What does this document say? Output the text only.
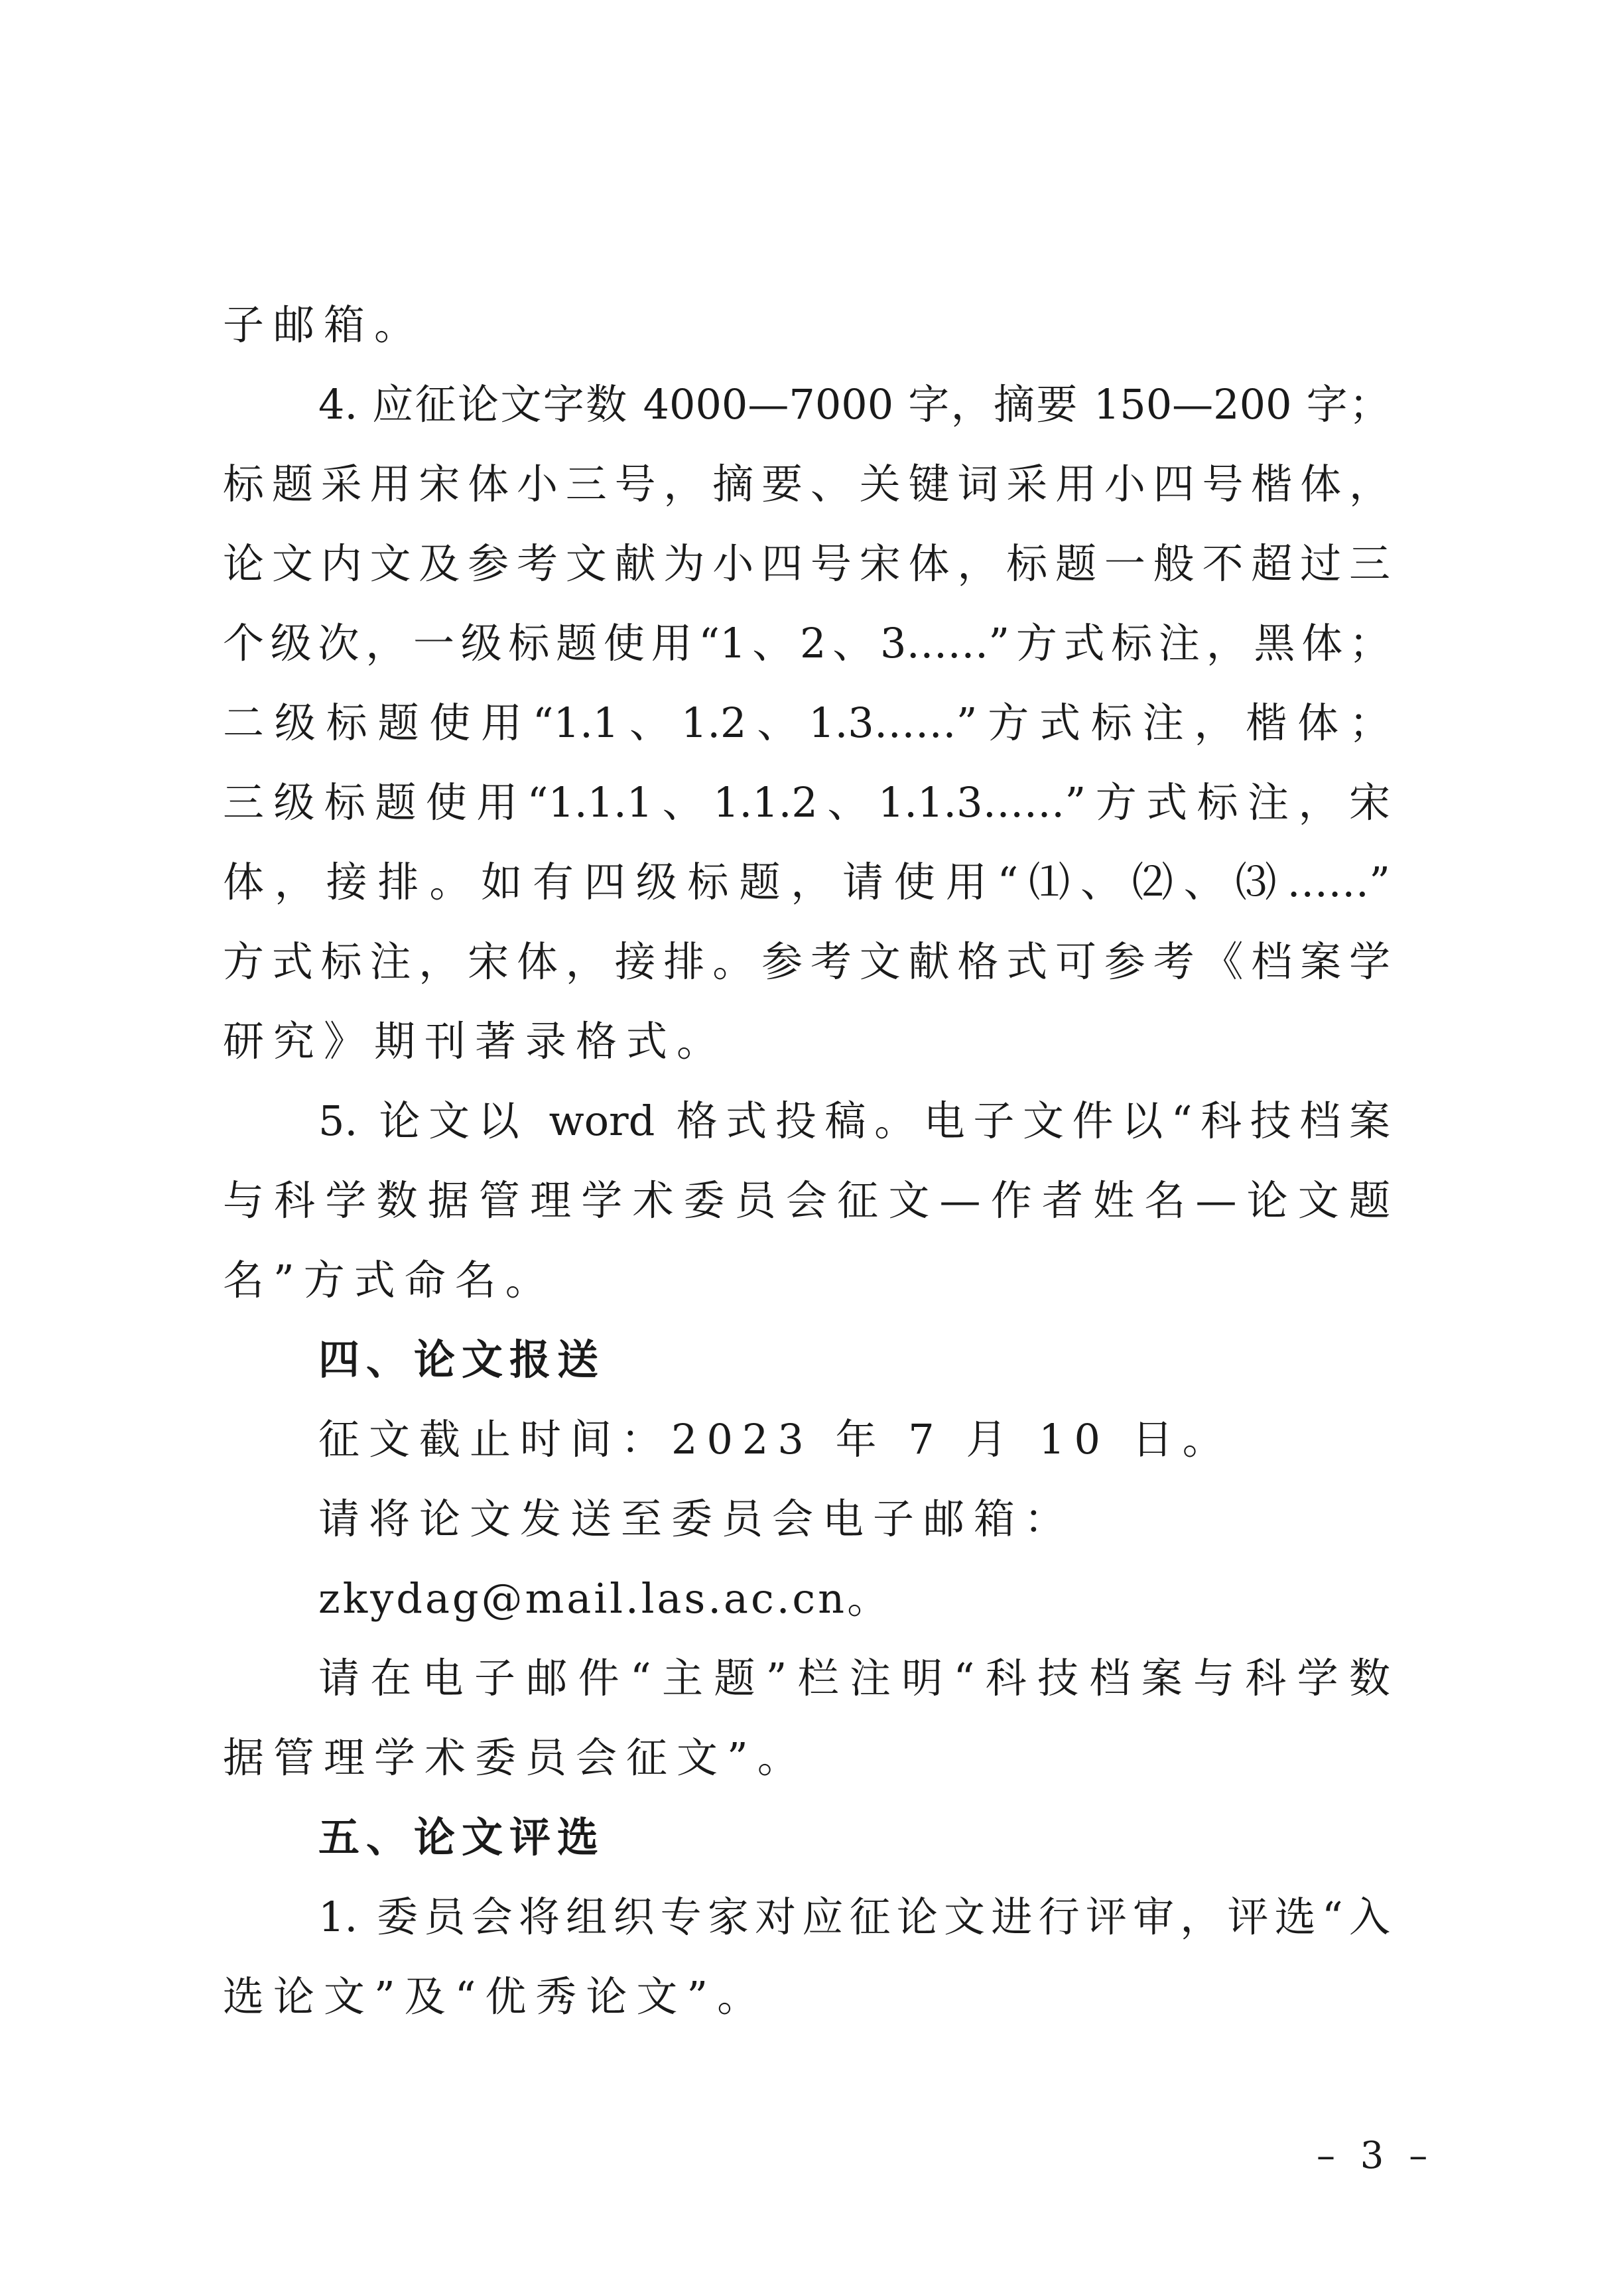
子邮箱。
4. 应征论文字数 4000—7000 字，摘要 150—200 字；
标题采用宋体小三号，摘要、关键词采用小四号楷体，
论文内文及参考文献为小四号宋体，标题一般不超过三
个级次，一级标题使用“1、2、3……”方式标注，黑体；
二级标题使用“1.1、1.2、1.3……”方式标注，楷体；
三级标题使用“1.1.1、1.1.2、1.1.3……”方式标注，宋
体，接排。如有四级标题，请使用“⑴、⑵、⑶……”
方式标注，宋体，接排。参考文献格式可参考《档案学
研究》期刊著录格式。
5. 论文以 word 格式投稿。电子文件以“科技档案
与科学数据管理学术委员会征文—作者姓名—论文题
名”方式命名。
四、论文报送
征文截止时间：2023 年 7 月 10 日。
请将论文发送至委员会电子邮箱：
zkydag@mail.las.ac.cn。
请在电子邮件“主题”栏注明“科技档案与科学数
据管理学术委员会征文”。
五、论文评选
1. 委员会将组织专家对应征论文进行评审，评选“入
选论文”及“优秀论文”。
– 3 –
